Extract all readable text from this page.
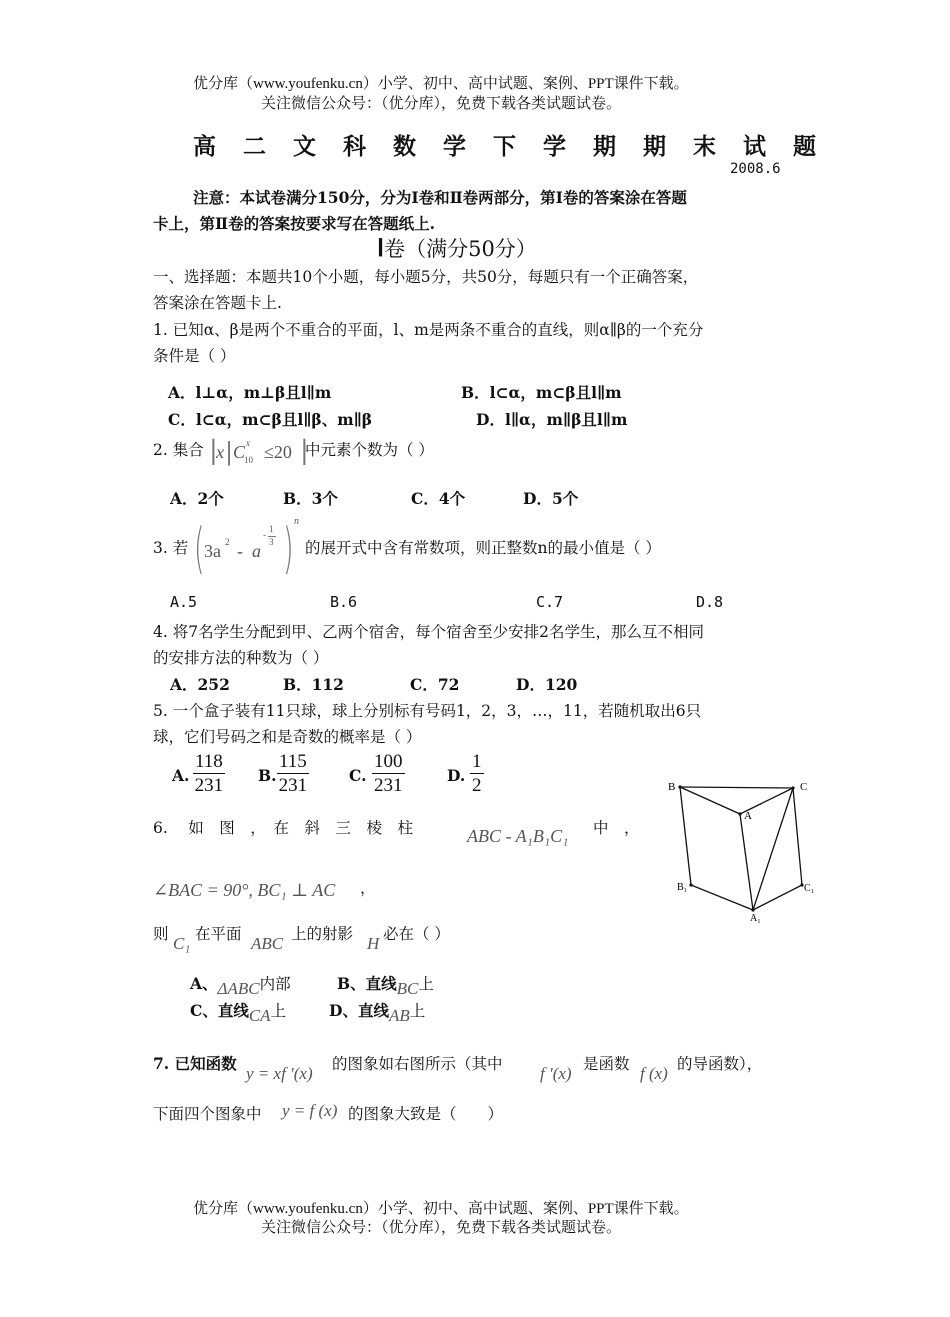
优分库（www.youfenku.cn）小学、初中、高中试题、案例、PPT课件下载。
关注微信公众号：（优分库），免费下载各类试题试卷。
高二文科数学下学期期末试题
2008.6
注意：本试卷满分150分，分为Ⅰ卷和Ⅱ卷两部分，第Ⅰ卷的答案涂在答题
卡上，第Ⅱ卷的答案按要求写在答题纸上.
Ⅰ卷（满分50分）
一、选择题：本题共10个小题，每小题5分，共50分，每题只有一个正确答案，
答案涂在答题卡上.
1. 已知α、β是两个不重合的平面，l、m是两条不重合的直线，则α∥β的一个充分
条件是（ ）
A．l⊥α，m⊥β且l∥m	B．l⊂α，m⊂β且l∥m
C．l⊂α，m⊂β且l∥β、m∥β	D．l∥α，m∥β且l∥m
2. 集合 |
x | C x
10 ≤20 |
中元素个数为（ ）
A．2个	B．3个	C．4个	D．5个
3. 若 ( 3a 2 - a
-
1
3 ) n
的展开式中含有常数项，则正整数n的最小值是（ ）
A.5	B.6	C.7	D.8
4. 将7名学生分配到甲、乙两个宿舍，每个宿舍至少安排2名学生，那么互不相同
的安排方法的种数为（ ）
A．252	B．112	C．72	D．120
5. 一个盒子装有11只球，球上分别标有号码1，2，3，…，11，若随机取出6只
球，它们号码之和是奇数的概率是（ ）
A. $\frac{118}{231} B$. $\frac{115}{231}$	C. $\frac{100}{231}$	D. $\frac{1}{2}$
6.　 如　图　，　在　斜　三　棱　柱	ABC - A₁B₁C₁ 中　，
∠BAC = 90°, BC₁ ⊥ AC ，
则 C₁ 在平面 ABC 上的射影 H 必在（ ）
A、ΔABC内部	B、直线BC上
C、直线CA上	D、直线AB上
B	C
A
B₁	C₁
A₁
7. 已知函数
y = xf ′(x) 的图象如右图所示（其中 f ′(x) 是函数 f (x) 的导函数），
下面四个图象中 y = f (x) 的图象大致是（　　）
优分库（www.youfenku.cn）小学、初中、高中试题、案例、PPT课件下载。
关注微信公众号：（优分库），免费下载各类试题试卷。
